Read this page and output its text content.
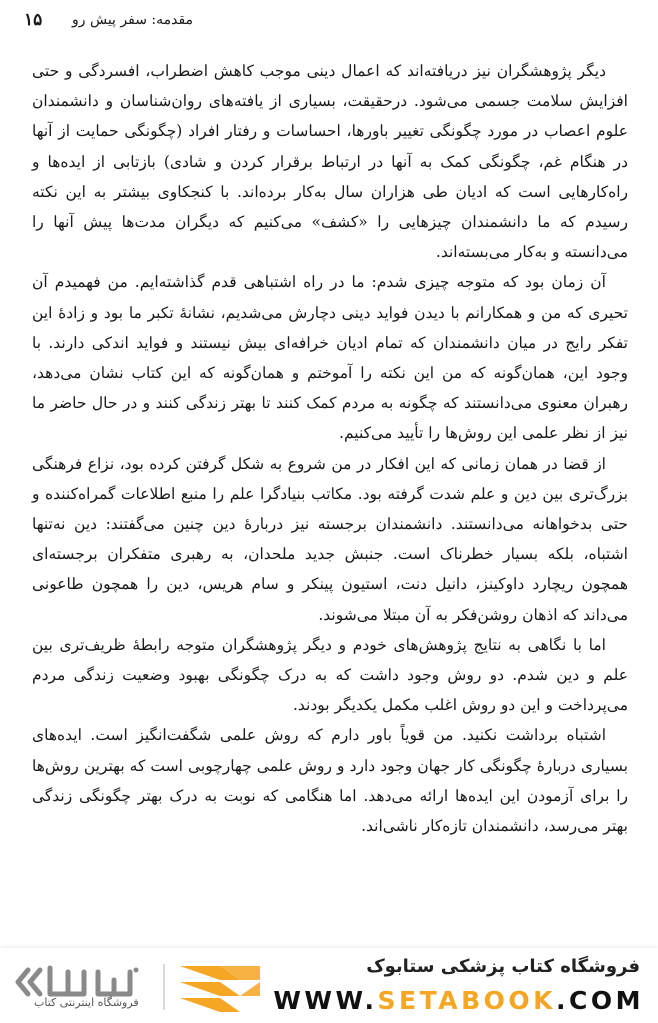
۱۵ مقدمه: سفر پیش رو

دیگر پژوهشگران نیز دریافته‌اند که اعمال دینی موجب کاهش اضطراب، افسردگی و حتی افزایش سلامت جسمی می‌شود. درحقیقت، بسیاری از یافته‌های روان‌شناسان و دانشمندان علوم اعصاب در مورد چگونگی تغییر باورها، احساسات و رفتار افراد (چگونگی حمایت از آنها در هنگام غم، چگونگی کمک به آنها در ارتباط برقرار کردن و شادی) بازتابی از ایده‌ها و راه‌کارهایی است که ادیان طی هزاران سال به‌کار برده‌اند. با کنجکاوی بیشتر به این نکته رسیدم که ما دانشمندان چیزهایی را «کشف» می‌کنیم که دیگران مدت‌ها پیش آنها را می‌دانسته و به‌کار می‌بسته‌اند.

آن زمان بود که متوجه چیزی شدم: ما در راه اشتباهی قدم گذاشته‌ایم. من فهمیدم آن تحیری که من و همکارانم با دیدن فواید دینی دچارش می‌شدیم، نشانهٔ تکبر ما بود و زادهٔ این تفکر رایج در میان دانشمندان که تمام ادیان خرافه‌ای بیش نیستند و فواید اندکی دارند. با وجود این، همان‌گونه که من این نکته را آموختم و همان‌گونه که این کتاب نشان می‌دهد، رهبران معنوی می‌دانستند که چگونه به مردم کمک کنند تا بهتر زندگی کنند و در حال حاضر ما نیز از نظر علمی این روش‌ها را تأیید می‌کنیم.

از قضا در همان زمانی که این افکار در من شروع به شکل گرفتن کرده بود، نزاع فرهنگی بزرگ‌تری بین دین و علم شدت گرفته بود. مکاتب بنیادگرا علم را منبع اطلاعات گمراه‌کننده و حتی بدخواهانه می‌دانستند. دانشمندان برجسته نیز دربارهٔ دین چنین می‌گفتند: دین نه‌تنها اشتباه، بلکه بسیار خطرناک است. جنبش جدید ملحدان، به رهبری متفکران برجسته‌ای همچون ریچارد داوکینز، دانیل دنت، استیون پینکر و سام هریس، دین را همچون طاعونی می‌داند که اذهان روشن‌فکر به آن مبتلا می‌شوند.

اما با نگاهی به نتایج پژوهش‌های خودم و دیگر پژوهشگران متوجه رابطهٔ ظریف‌تری بین علم و دین شدم. دو روش وجود داشت که به درک چگونگی بهبود وضعیت زندگی مردم می‌پرداخت و این دو روش اغلب مکمل یکدیگر بودند.

اشتباه برداشت نکنید. من قویاً باور دارم که روش علمی شگفت‌انگیز است. ایده‌های بسیاری دربارهٔ چگونگی کار جهان وجود دارد و روش علمی چهارچوبی است که بهترین روش‌ها را برای آزمودن این ایده‌ها ارائه می‌دهد. اما هنگامی که نوبت به درک بهتر چگونگی زندگی بهتر می‌رسد، دانشمندان تازه‌کار ناشی‌اند.

فروشگاه اینترنتی کتاب
فروشگاه کتاب پزشکی ستابوک
WWW.SETABOOK.COM
